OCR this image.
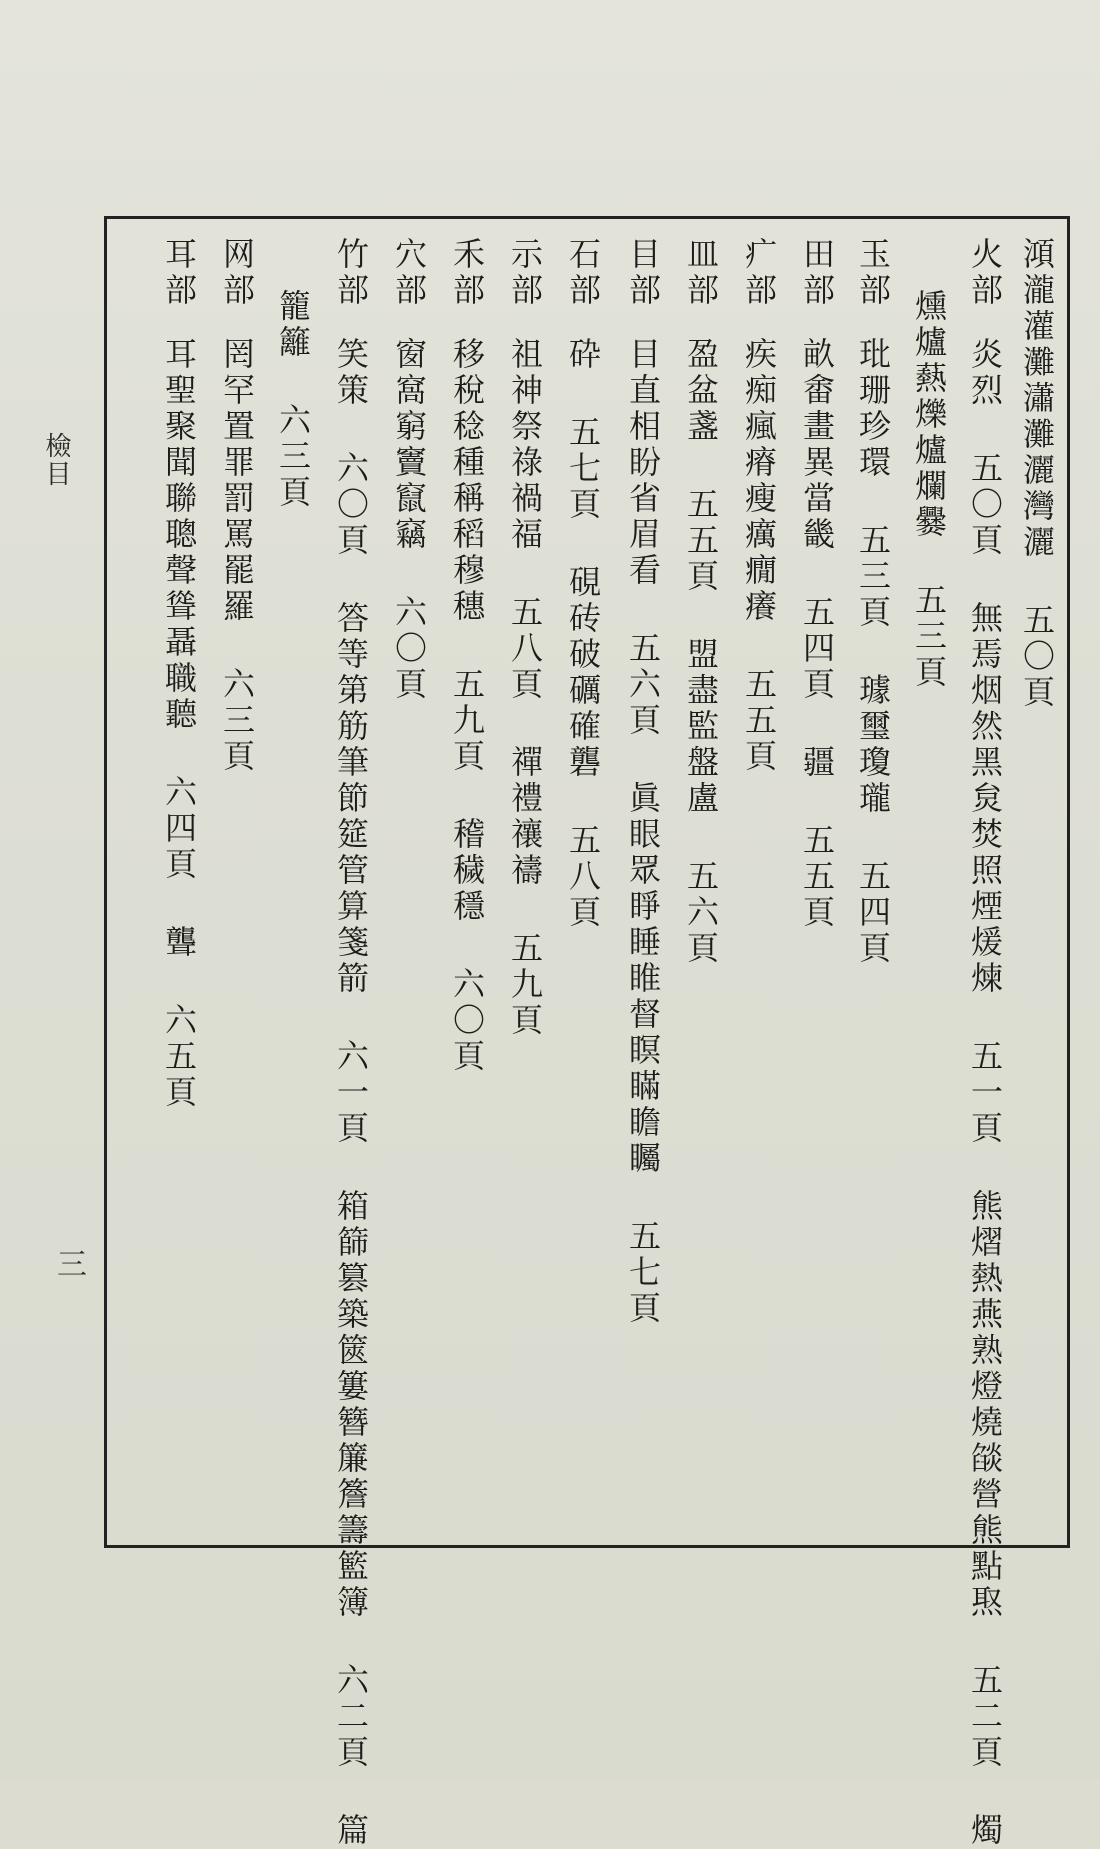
澒瀧灌灘瀟灘灑灣灑 五〇頁
火部炎烈 五〇頁 無焉烟然黑炱焚照煙煖煉 五一頁 熊熠熱燕熟燈燒燄營熊點焣 五二頁 燭
燻爐爇爍爐爛爨 五三頁
玉部玭珊珍環 五三頁 璩璽瓊瓏 五四頁
田部畝畬畫異當畿 五四頁 疆 五五頁
疒部疾痴瘋瘠瘦癘癇癢 五五頁
皿部盈盆盞 五五頁 盟盡監盤盧 五六頁
目部目直相盼省眉看 五六頁 眞眼眾睜睡睢督瞑瞞瞻矚 五七頁
石部砕 五七頁 硯砖破礪確礱 五八頁
示部祖神祭祿禍福 五八頁 禪禮禳禱 五九頁
禾部移稅稔種稱稻穆穗 五九頁 稽穢穩 六〇頁
穴部窗窩窮竇竄竊 六〇頁
竹部笑策 六〇頁 答等第筋筆節筵管算箋箭 六一頁 箱篩篡築篋簍簪簾簷籌籃簿 六二頁 篇
籠籬 六三頁
网部罔罕置罪罰罵罷羅 六三頁
耳部耳聖聚聞聯聰聲聳聶職聽 六四頁 聾 六五頁
檢目
三
